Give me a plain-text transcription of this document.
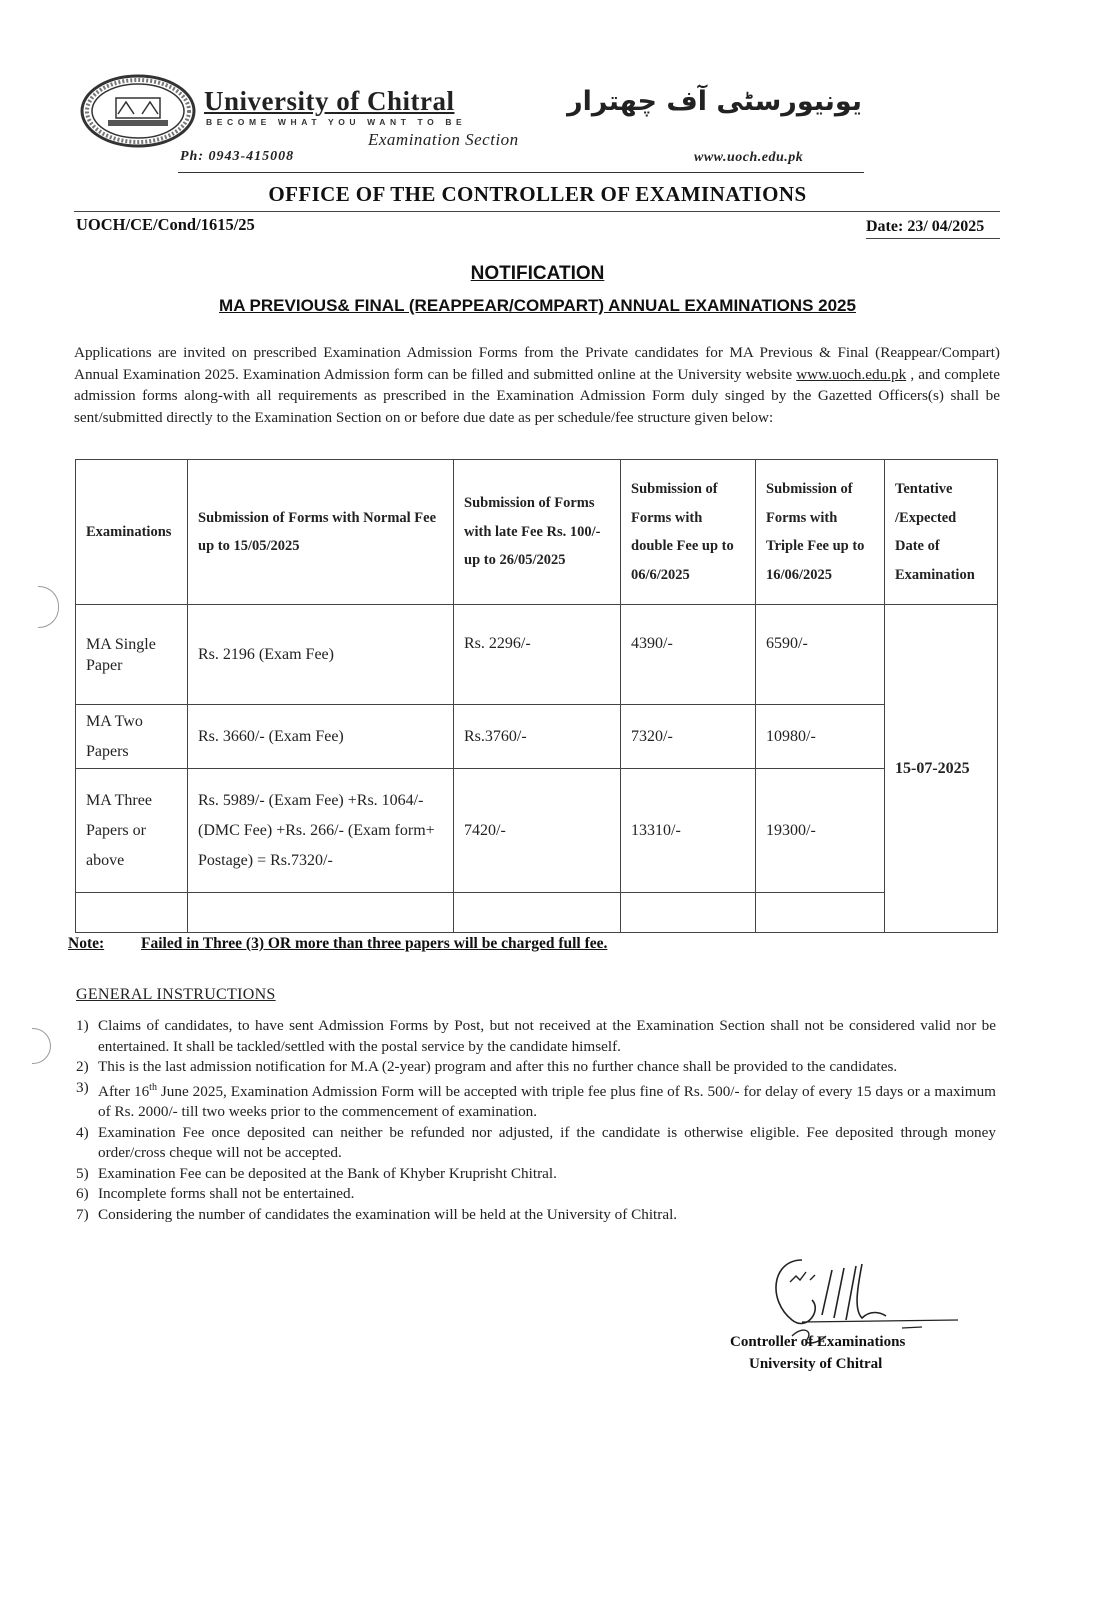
University of Chitral
BECOME WHAT YOU WANT TO BE
یونیورسٹی آف چھترار
Examination Section
Ph: 0943-415008	www.uoch.edu.pk
OFFICE OF THE CONTROLLER OF EXAMINATIONS
UOCH/CE/Cond/1615/25	Date: 23/ 04/2025
NOTIFICATION
MA PREVIOUS& FINAL (REAPPEAR/COMPART) ANNUAL EXAMINATIONS 2025

Applications are invited on prescribed Examination Admission Forms from the Private candidates for MA Previous & Final (Reappear/Compart) Annual Examination 2025. Examination Admission form can be filled and submitted online at the University website www.uoch.edu.pk , and complete admission forms along-with all requirements as prescribed in the Examination Admission Form duly singed by the Gazetted Officers(s) shall be sent/submitted directly to the Examination Section on or before due date as per schedule/fee structure given below:

Examinations	Submission of Forms with Normal Fee up to 15/05/2025	Submission of Forms with late Fee Rs. 100/- up to 26/05/2025	Submission of Forms with double Fee up to 06/6/2025	Submission of Forms with Triple Fee up to 16/06/2025	Tentative /Expected Date of Examination
MA Single Paper	Rs. 2196 (Exam Fee)	Rs. 2296/-	4390/-	6590/-	15-07-2025
MA Two Papers	Rs. 3660/- (Exam Fee)	Rs.3760/-	7320/-	10980/-	
MA Three Papers or above	Rs. 5989/- (Exam Fee) +Rs. 1064/- (DMC Fee) +Rs. 266/- (Exam form+ Postage) = Rs.7320/-	7420/-	13310/-	19300/-	

Note: Failed in Three (3) OR more than three papers will be charged full fee.
GENERAL INSTRUCTIONS
1) Claims of candidates, to have sent Admission Forms by Post, but not received at the Examination Section shall not be considered valid nor be entertained. It shall be tackled/settled with the postal service by the candidate himself.
2) This is the last admission notification for M.A (2-year) program and after this no further chance shall be provided to the candidates.
3) After 16th June 2025, Examination Admission Form will be accepted with triple fee plus fine of Rs. 500/- for delay of every 15 days or a maximum of Rs. 2000/- till two weeks prior to the commencement of examination.
4) Examination Fee once deposited can neither be refunded nor adjusted, if the candidate is otherwise eligible. Fee deposited through money order/cross cheque will not be accepted.
5) Examination Fee can be deposited at the Bank of Khyber Kruprisht Chitral.
6) Incomplete forms shall not be entertained.
7) Considering the number of candidates the examination will be held at the University of Chitral.
Controller of Examinations
University of Chitral
